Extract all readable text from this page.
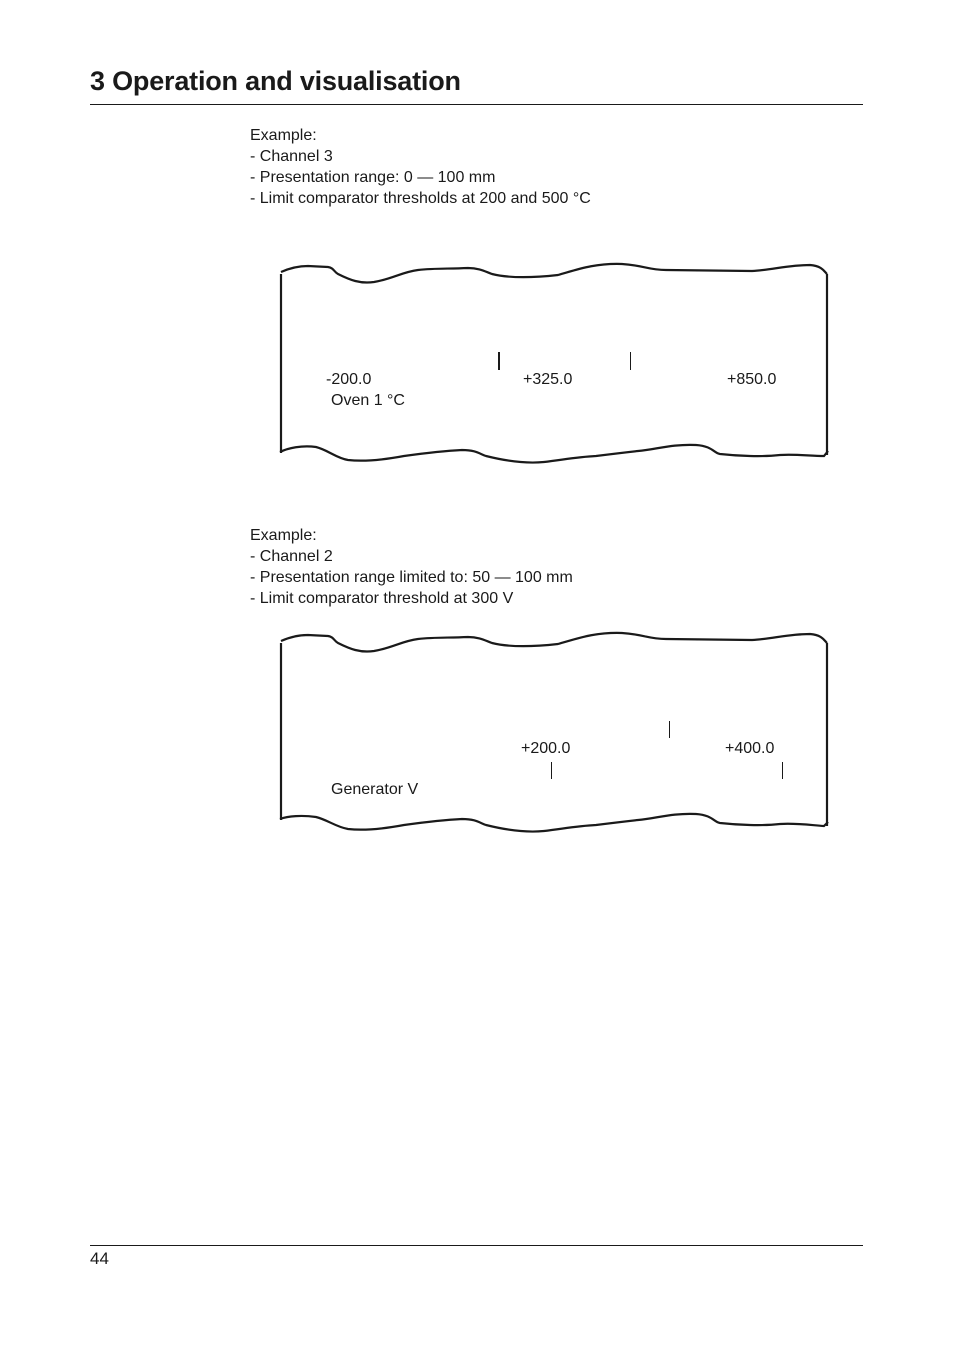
3 Operation and visualisation
Example:
- Channel 3
- Presentation range: 0 — 100 mm
- Limit comparator thresholds at 200 and 500 °C
-200.0	+325.0	+850.0
Oven 1 °C
Example:
- Channel 2
- Presentation range limited to: 50 — 100 mm
- Limit comparator threshold at 300 V
+200.0	+400.0
Generator V
44
